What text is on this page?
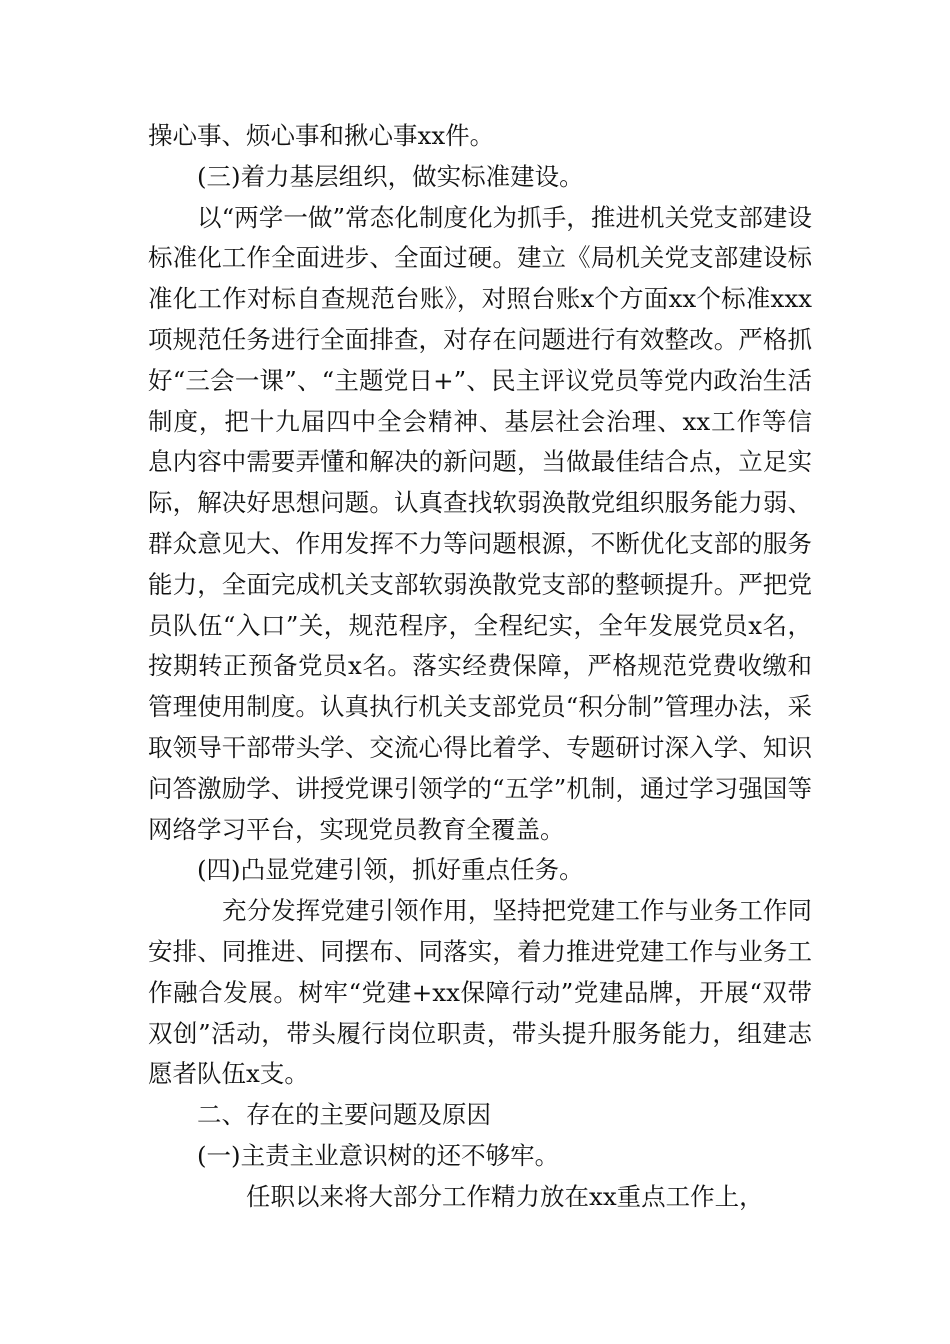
操心事、烦心事和揪心事xx件。

(三)着力基层组织，做实标准建设。

以“两学一做”常态化制度化为抓手，推进机关党支部建设标准化工作全面进步、全面过硬。建立《局机关党支部建设标准化工作对标自查规范台账》，对照台账x个方面xx个标准xxx项规范任务进行全面排查，对存在问题进行有效整改。严格抓好“三会一课”、“主题党日+”、民主评议党员等党内政治生活制度，把十九届四中全会精神、基层社会治理、xx工作等信息内容中需要弄懂和解决的新问题，当做最佳结合点，立足实际，解决好思想问题。认真查找软弱涣散党组织服务能力弱、群众意见大、作用发挥不力等问题根源，不断优化支部的服务能力，全面完成机关支部软弱涣散党支部的整顿提升。严把党员队伍“入口”关，规范程序，全程纪实，全年发展党员x名，按期转正预备党员x名。落实经费保障，严格规范党费收缴和管理使用制度。认真执行机关支部党员“积分制”管理办法，采取领导干部带头学、交流心得比着学、专题研讨深入学、知识问答激励学、讲授党课引领学的“五学”机制，通过学习强国等网络学习平台，实现党员教育全覆盖。

(四)凸显党建引领，抓好重点任务。

充分发挥党建引领作用，坚持把党建工作与业务工作同安排、同推进、同摆布、同落实，着力推进党建工作与业务工作融合发展。树牢“党建+xx保障行动”党建品牌，开展“双带双创”活动，带头履行岗位职责，带头提升服务能力，组建志愿者队伍x支。

二、存在的主要问题及原因

(一)主责主业意识树的还不够牢。

任职以来将大部分工作精力放在xx重点工作上，
